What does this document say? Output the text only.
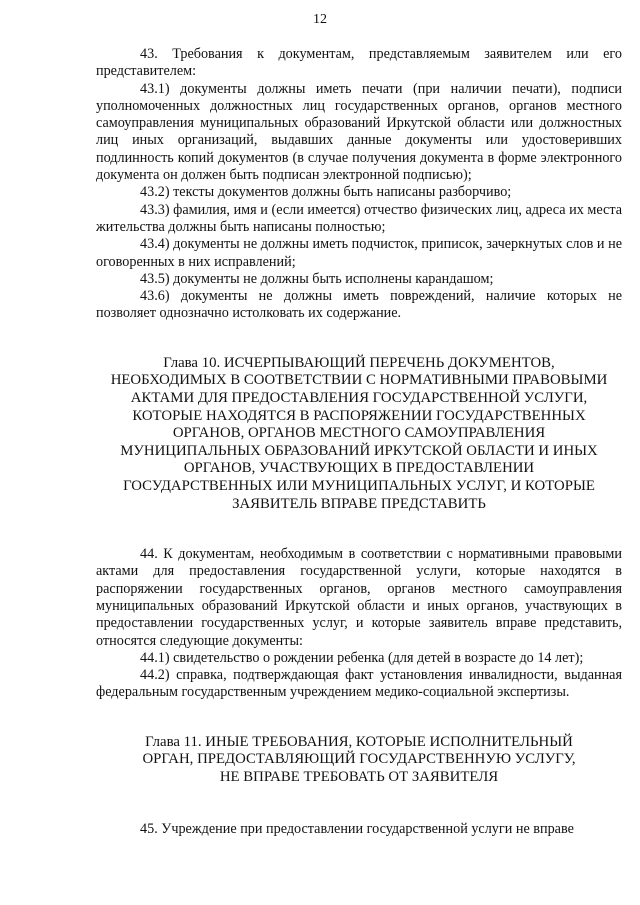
12

43. Требования к документам, представляемым заявителем или его представителем:

43.1) документы должны иметь печати (при наличии печати), подписи уполномоченных должностных лиц государственных органов, органов местного самоуправления муниципальных образований Иркутской области или должностных лиц иных организаций, выдавших данные документы или удостоверивших подлинность копий документов (в случае получения документа в форме электронного документа он должен быть подписан электронной подписью);

43.2) тексты документов должны быть написаны разборчиво;

43.3) фамилия, имя и (если имеется) отчество физических лиц, адреса их места жительства должны быть написаны полностью;

43.4) документы не должны иметь подчисток, приписок, зачеркнутых слов и не оговоренных в них исправлений;

43.5) документы не должны быть исполнены карандашом;

43.6) документы не должны иметь повреждений, наличие которых не позволяет однозначно истолковать их содержание.

Глава 10. ИСЧЕРПЫВАЮЩИЙ ПЕРЕЧЕНЬ ДОКУМЕНТОВ,

НЕОБХОДИМЫХ В СООТВЕТСТВИИ С НОРМАТИВНЫМИ ПРАВОВЫМИ

АКТАМИ ДЛЯ ПРЕДОСТАВЛЕНИЯ ГОСУДАРСТВЕННОЙ УСЛУГИ,

КОТОРЫЕ НАХОДЯТСЯ В РАСПОРЯЖЕНИИ ГОСУДАРСТВЕННЫХ

ОРГАНОВ, ОРГАНОВ МЕСТНОГО САМОУПРАВЛЕНИЯ

МУНИЦИПАЛЬНЫХ ОБРАЗОВАНИЙ ИРКУТСКОЙ ОБЛАСТИ И ИНЫХ

ОРГАНОВ, УЧАСТВУЮЩИХ В ПРЕДОСТАВЛЕНИИ

ГОСУДАРСТВЕННЫХ ИЛИ МУНИЦИПАЛЬНЫХ УСЛУГ, И КОТОРЫЕ

ЗАЯВИТЕЛЬ ВПРАВЕ ПРЕДСТАВИТЬ

44. К документам, необходимым в соответствии с нормативными правовыми актами для предоставления государственной услуги, которые находятся в распоряжении государственных органов, органов местного самоуправления муниципальных образований Иркутской области и иных органов, участвующих в предоставлении государственных услуг, и которые заявитель вправе представить, относятся следующие документы:

44.1) свидетельство о рождении ребенка (для детей в возрасте до 14 лет);

44.2) справка, подтверждающая факт установления инвалидности, выданная федеральным государственным учреждением медико-социальной экспертизы.

Глава 11. ИНЫЕ ТРЕБОВАНИЯ, КОТОРЫЕ ИСПОЛНИТЕЛЬНЫЙ

ОРГАН, ПРЕДОСТАВЛЯЮЩИЙ ГОСУДАРСТВЕННУЮ УСЛУГУ,

НЕ ВПРАВЕ ТРЕБОВАТЬ ОТ ЗАЯВИТЕЛЯ

45. Учреждение при предоставлении государственной услуги не вправе
